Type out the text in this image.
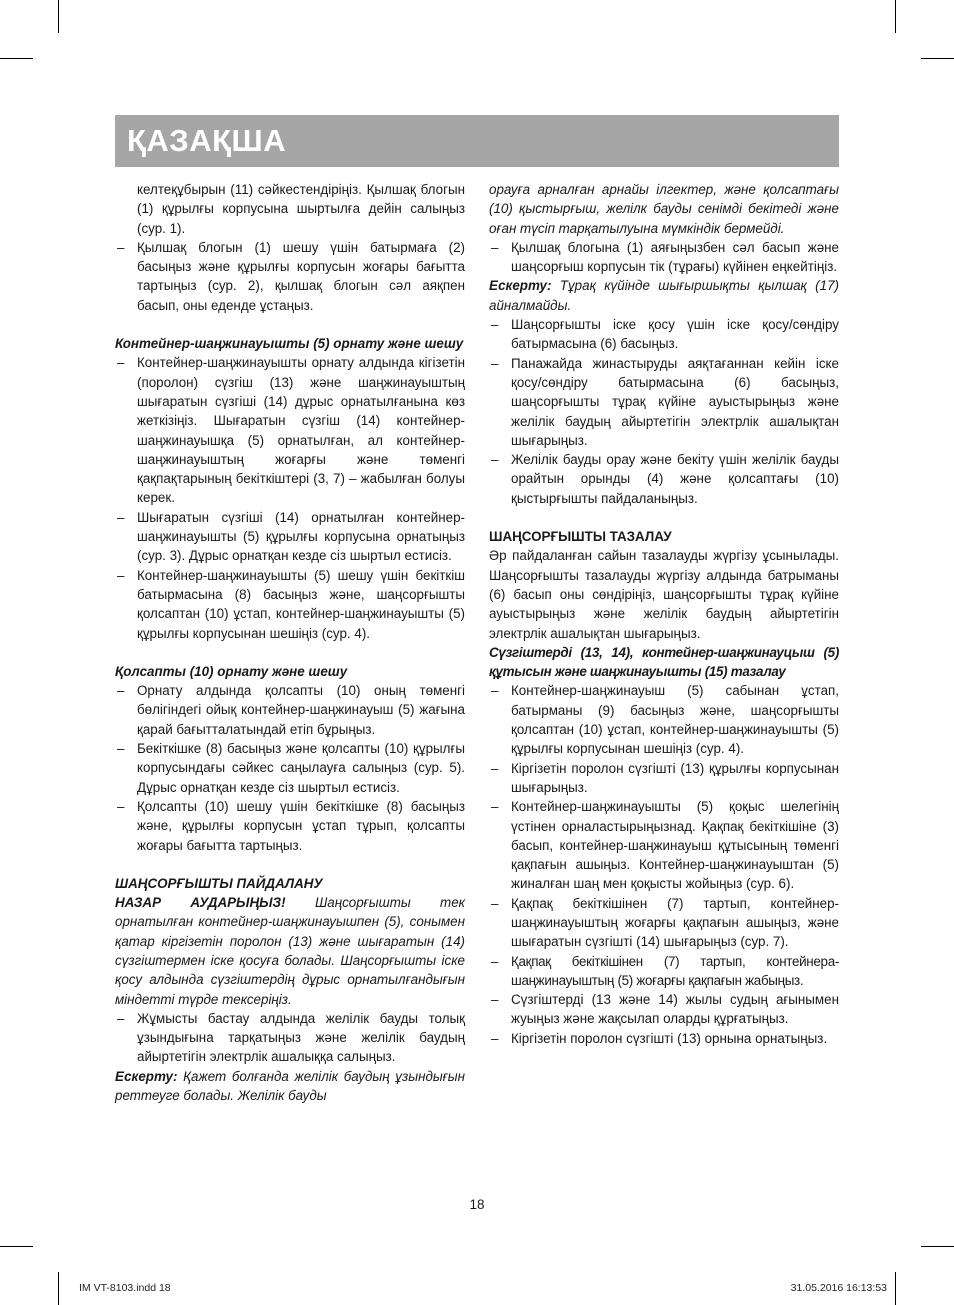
ҚАЗАҚША

келтеқұбырын (11) сәйкестендіріңіз. Қылшақ блогын (1) құрылғы корпусына шыртылға дейін салыңыз (сур. 1).

– Қылшақ блогын (1) шешу үшін батырмаға (2) басыңыз және құрылғы корпусын жоғары бағытта тартыңыз (сур. 2), қылшақ блогын сәл аяқпен басып, оны еденде ұстаңыз.

Контейнер-шаңжинауышты (5) орнату және шешу

– Контейнер-шаңжинауышты орнату алдында кігізетін (поролон) сүзгіш (13) және шаңжинауыштың шығаратын сүзгіші (14) дұрыс орнатылғанына көз жеткізіңіз. Шығаратын сүзгіш (14) контейнер-шаңжинауышқа (5) орнатылған, ал контейнер-шаңжинауыштың жоғарғы және төменгі қақпақтарының бекіткіштері (3, 7) – жабылған болуы керек.

– Шығаратын сүзгіші (14) орнатылған контейнер-шаңжинауышты (5) құрылғы корпусына орнатыңыз (сур. 3). Дұрыс орнатқан кезде сіз шыртыл естисіз.

– Контейнер-шаңжинауышты (5) шешу үшін бекіткіш батырмасына (8) басыңыз және, шаңсорғышты қолсаптан (10) ұстап, контейнер-шаңжинауышты (5) құрылғы корпусынан шешіңіз (сур. 4).

Қолсапты (10) орнату және шешу

– Орнату алдында қолсапты (10) оның төменгі бөлігіндегі ойық контейнер-шаңжинауыш (5) жағына қарай бағытталатындай етіп бұрыңыз.

– Бекіткішке (8) басыңыз және қолсапты (10) құрылғы корпусындағы сәйкес саңылауға салыңыз (сур. 5). Дұрыс орнатқан кезде сіз шыртыл естисіз.

– Қолсапты (10) шешу үшін бекіткішке (8) басыңыз және, құрылғы корпусын ұстап тұрып, қолсапты жоғары бағытта тартыңыз.

ШАҢСОРҒЫШТЫ ПАЙДАЛАНУ

НАЗАР АУДАРЫҢЫЗ! Шаңсорғышты тек орнатылған контейнер-шаңжинауышпен (5), сонымен қатар кіргізетін поролон (13) және шығаратын (14) сүзгіштермен іске қосуға болады. Шаңсорғышты іске қосу алдында сүзгіштердің дұрыс орнатылғандығын міндетті түрде тексеріңіз.

– Жұмысты бастау алдында желілік бауды толық ұзындығына тарқатыңыз және желілік баудың айыртетігін электрлік ашалыққа салыңыз.

Ескерту: Қажет болғанда желілік баудың ұзындығын реттеуге болады. Желілік бауды

орауға арналған арнайы ілгектер, және қолсаптағы (10) қыстырғыш, желілк бауды сенімді бекітеді және оған түсіп тарқатылуына мүмкіндік бермейді.

– Қылшақ блогына (1) аяғыңызбен сәл басып және шаңсорғыш корпусын тік (тұрағы) күйінен еңкейтіңіз.

Ескерту: Тұрақ күйінде шығыршықты қылшақ (17) айналмайды.

– Шаңсорғышты іске қосу үшін іске қосу/сөндіру батырмасына (6) басыңыз.

– Панажайда жинастыруды аяқтағаннан кейін іске қосу/сөндіру батырмасына (6) басыңыз, шаңсорғышты тұрақ күйіне ауыстырыңыз және желілік баудың айыртетігін электрлік ашалықтан шығарыңыз.

– Желілік бауды орау және бекіту үшін желілік бауды орайтын орынды (4) және қолсаптағы (10) қыстырғышты пайдаланыңыз.

ШАҢСОРҒЫШТЫ ТАЗАЛАУ

Әр пайдаланған сайын тазалауды жүргізу ұсынылады. Шаңсорғышты тазалауды жүргізу алдында батрыманы (6) басып оны сөндіріңіз, шаңсорғышты тұрақ күйіне ауыстырыңыз және желілік баудың айыртетігін электрлік ашалықтан шығарыңыз.

Сүзгіштерді (13, 14), контейнер-шаңжинауцыш (5) құтысын және шаңжинауышты (15) тазалау

– Контейнер-шаңжинауыш (5) сабынан ұстап, батырманы (9) басыңыз және, шаңсорғышты қолсаптан (10) ұстап, контейнер-шаңжинауышты (5) құрылғы корпусынан шешіңіз (сур. 4).

– Кіргізетін поролон сүзгішті (13) құрылғы корпусынан шығарыңыз.

– Контейнер-шаңжинауышты (5) қоқыс шелегінің үстінен орналастырыңызнад. Қақпақ бекіткішіне (3) басып, контейнер-шаңжинауыш құтысының төменгі қақпағын ашыңыз. Контейнер-шаңжинауыштан (5) жиналған шаң мен қоқысты жойыңыз (сур. 6).

– Қақпақ бекіткішінен (7) тартып, контейнер-шаңжинауыштың жоғарғы қақпағын ашыңыз, және шығаратын сүзгішті (14) шығарыңыз (сур. 7).

– Қақпақ бекіткішінен (7) тартып, контейнера-шаңжинауыштың (5) жоғарғы қақпағын жабыңыз.

– Сүзгіштерді (13 және 14) жылы судың ағынымен жуыңыз және жақсылап оларды құрғатыңыз.

– Кіргізетін поролон сүзгішті (13) орнына орнатыңыз.

18
IM VT-8103.indd 18	31.05.2016 16:13:53
